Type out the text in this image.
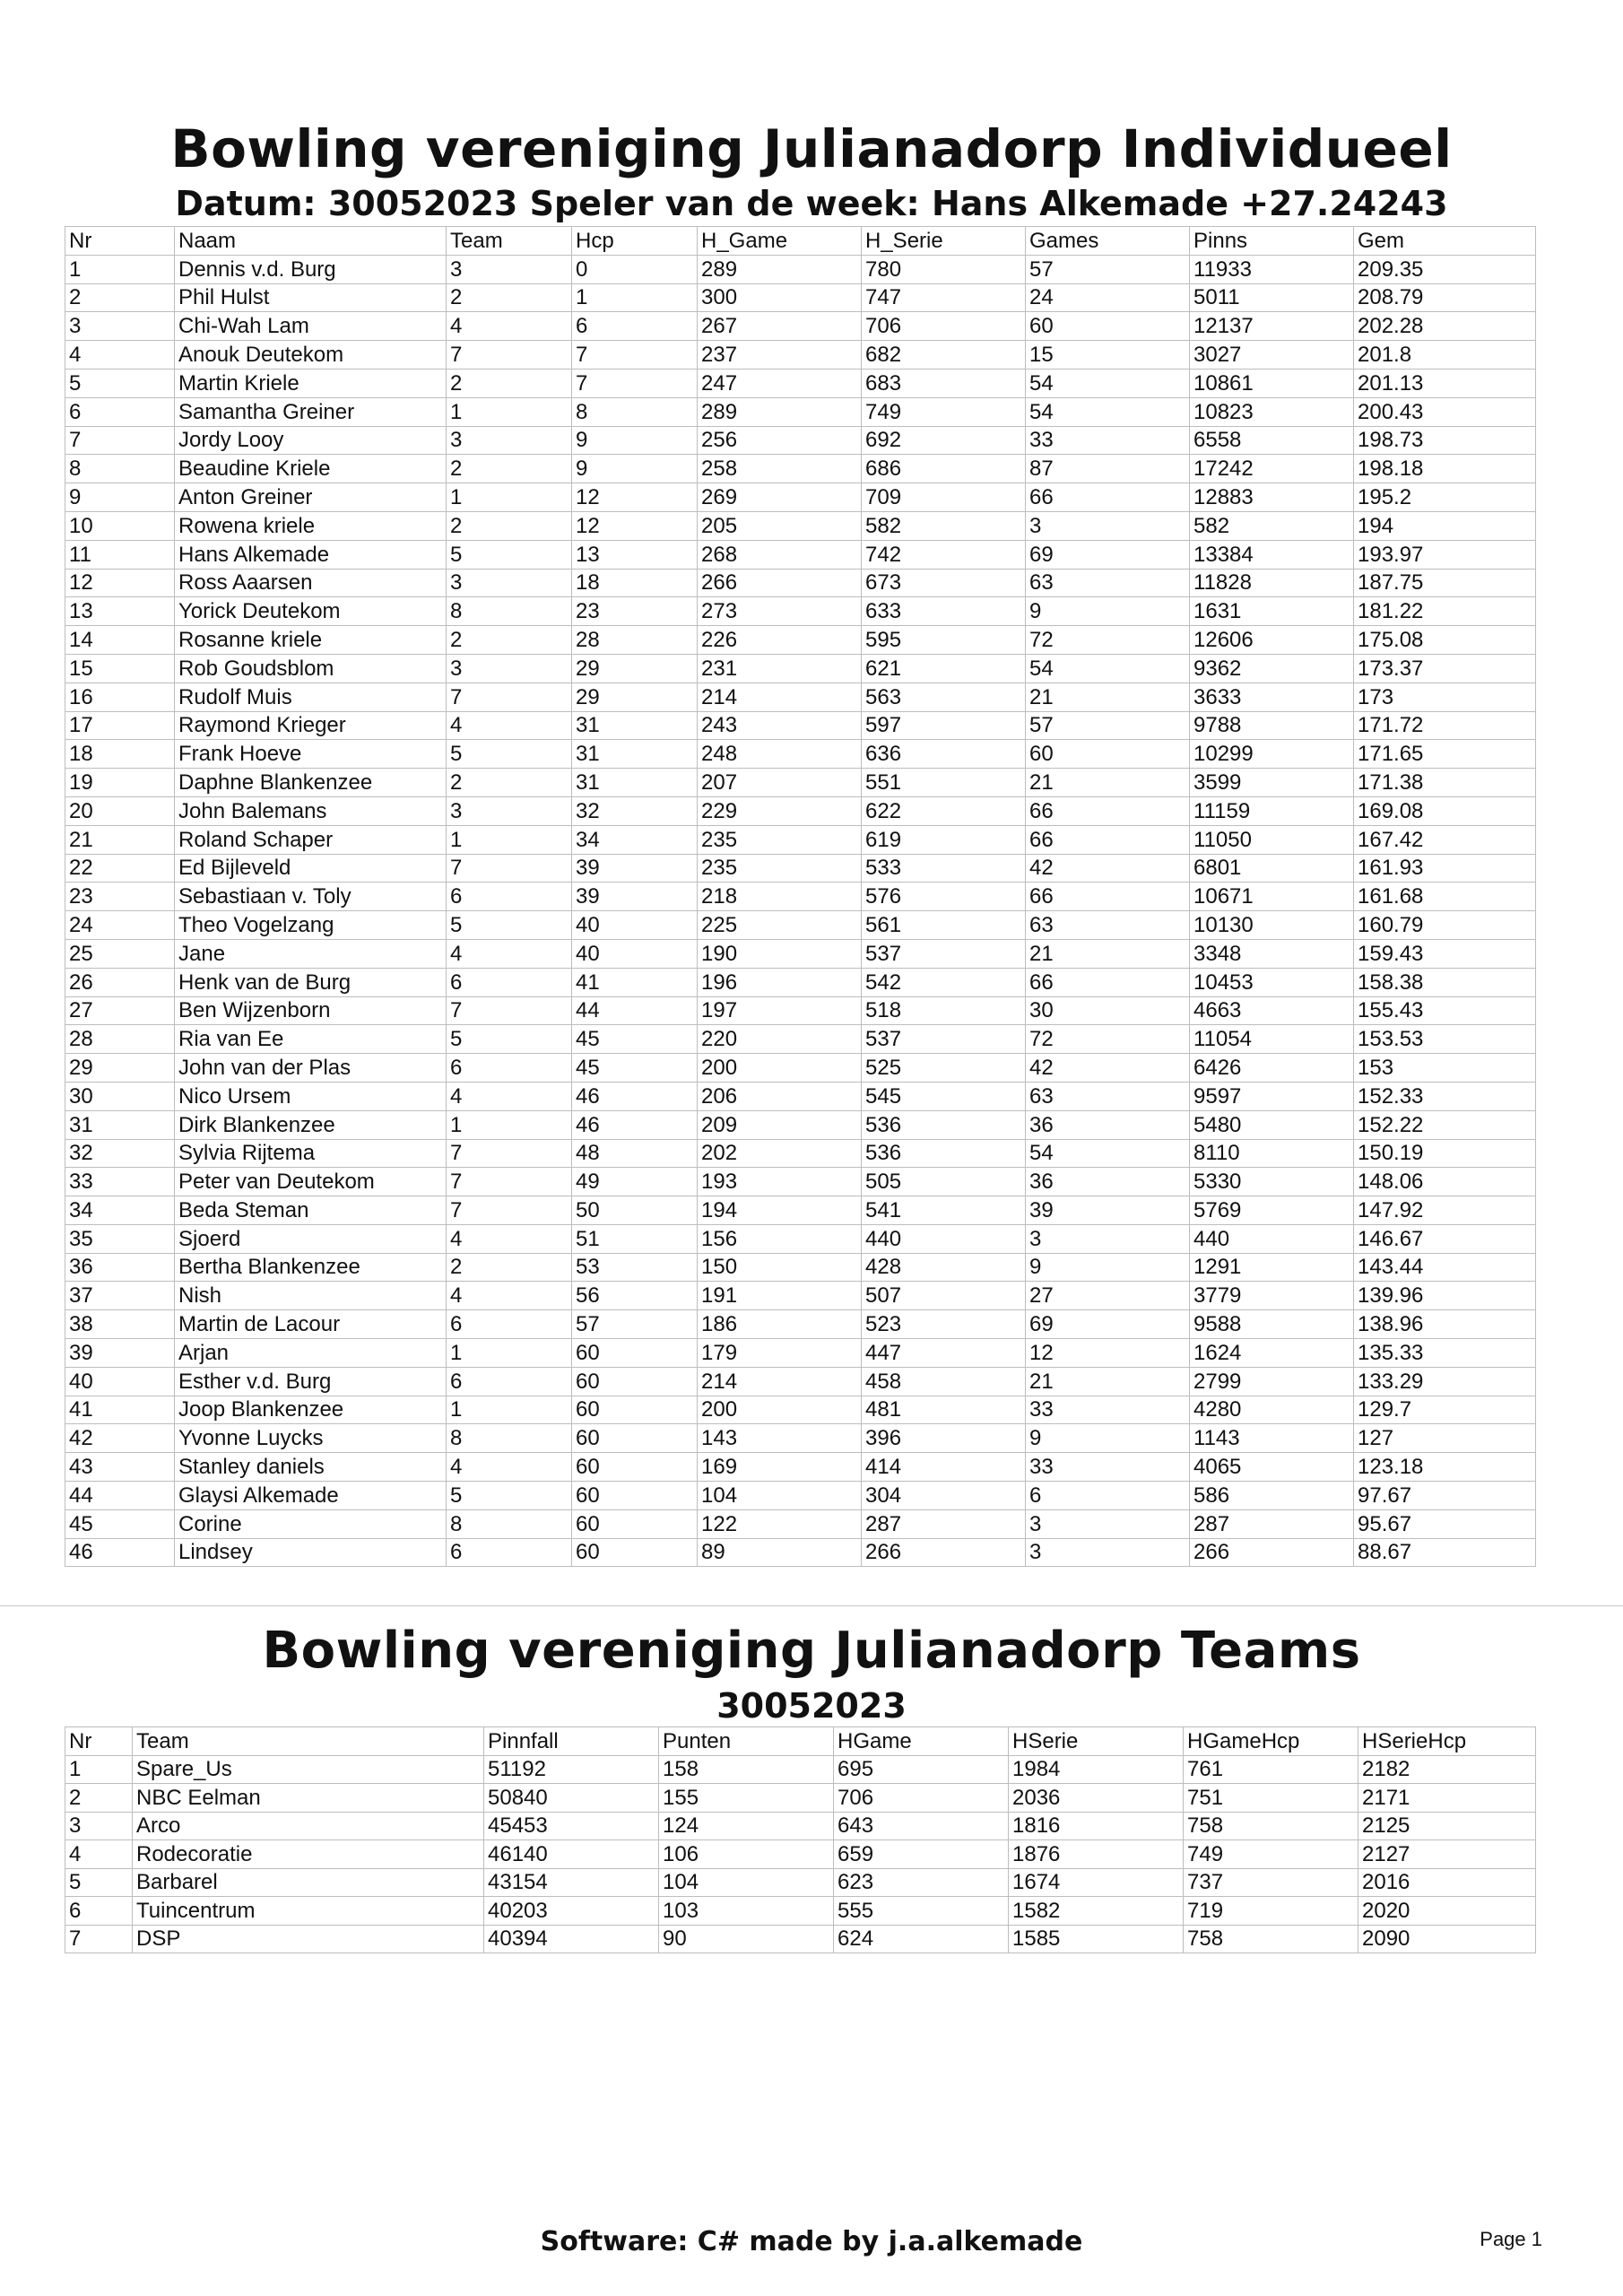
Bowling vereniging Julianadorp Individueel
Datum: 30052023 Speler van de week: Hans Alkemade +27.24243
Nr	Naam	Team	Hcp	H_Game	H_Serie	Games	Pinns	Gem
1	Dennis v.d. Burg	3	0	289	780	57	11933	209.35
2	Phil Hulst	2	1	300	747	24	5011	208.79
3	Chi-Wah Lam	4	6	267	706	60	12137	202.28
4	Anouk Deutekom	7	7	237	682	15	3027	201.8
5	Martin Kriele	2	7	247	683	54	10861	201.13
6	Samantha Greiner	1	8	289	749	54	10823	200.43
7	Jordy Looy	3	9	256	692	33	6558	198.73
8	Beaudine Kriele	2	9	258	686	87	17242	198.18
9	Anton Greiner	1	12	269	709	66	12883	195.2
10	Rowena kriele	2	12	205	582	3	582	194
11	Hans Alkemade	5	13	268	742	69	13384	193.97
12	Ross Aaarsen	3	18	266	673	63	11828	187.75
13	Yorick Deutekom	8	23	273	633	9	1631	181.22
14	Rosanne kriele	2	28	226	595	72	12606	175.08
15	Rob Goudsblom	3	29	231	621	54	9362	173.37
16	Rudolf Muis	7	29	214	563	21	3633	173
17	Raymond Krieger	4	31	243	597	57	9788	171.72
18	Frank Hoeve	5	31	248	636	60	10299	171.65
19	Daphne Blankenzee	2	31	207	551	21	3599	171.38
20	John Balemans	3	32	229	622	66	11159	169.08
21	Roland Schaper	1	34	235	619	66	11050	167.42
22	Ed Bijleveld	7	39	235	533	42	6801	161.93
23	Sebastiaan v. Toly	6	39	218	576	66	10671	161.68
24	Theo Vogelzang	5	40	225	561	63	10130	160.79
25	Jane	4	40	190	537	21	3348	159.43
26	Henk van de Burg	6	41	196	542	66	10453	158.38
27	Ben Wijzenborn	7	44	197	518	30	4663	155.43
28	Ria van Ee	5	45	220	537	72	11054	153.53
29	John van der Plas	6	45	200	525	42	6426	153
30	Nico Ursem	4	46	206	545	63	9597	152.33
31	Dirk Blankenzee	1	46	209	536	36	5480	152.22
32	Sylvia Rijtema	7	48	202	536	54	8110	150.19
33	Peter van Deutekom	7	49	193	505	36	5330	148.06
34	Beda Steman	7	50	194	541	39	5769	147.92
35	Sjoerd	4	51	156	440	3	440	146.67
36	Bertha Blankenzee	2	53	150	428	9	1291	143.44
37	Nish	4	56	191	507	27	3779	139.96
38	Martin de Lacour	6	57	186	523	69	9588	138.96
39	Arjan	1	60	179	447	12	1624	135.33
40	Esther v.d. Burg	6	60	214	458	21	2799	133.29
41	Joop Blankenzee	1	60	200	481	33	4280	129.7
42	Yvonne Luycks	8	60	143	396	9	1143	127
43	Stanley daniels	4	60	169	414	33	4065	123.18
44	Glaysi Alkemade	5	60	104	304	6	586	97.67
45	Corine	8	60	122	287	3	287	95.67
46	Lindsey	6	60	89	266	3	266	88.67
Bowling vereniging Julianadorp Teams
30052023
Nr	Team	Pinnfall	Punten	HGame	HSerie	HGameHcp	HSerieHcp
1	Spare_Us	51192	158	695	1984	761	2182
2	NBC Eelman	50840	155	706	2036	751	2171
3	Arco	45453	124	643	1816	758	2125
4	Rodecoratie	46140	106	659	1876	749	2127
5	Barbarel	43154	104	623	1674	737	2016
6	Tuincentrum	40203	103	555	1582	719	2020
7	DSP	40394	90	624	1585	758	2090
Software: C# made by j.a.alkemade	Page 1
